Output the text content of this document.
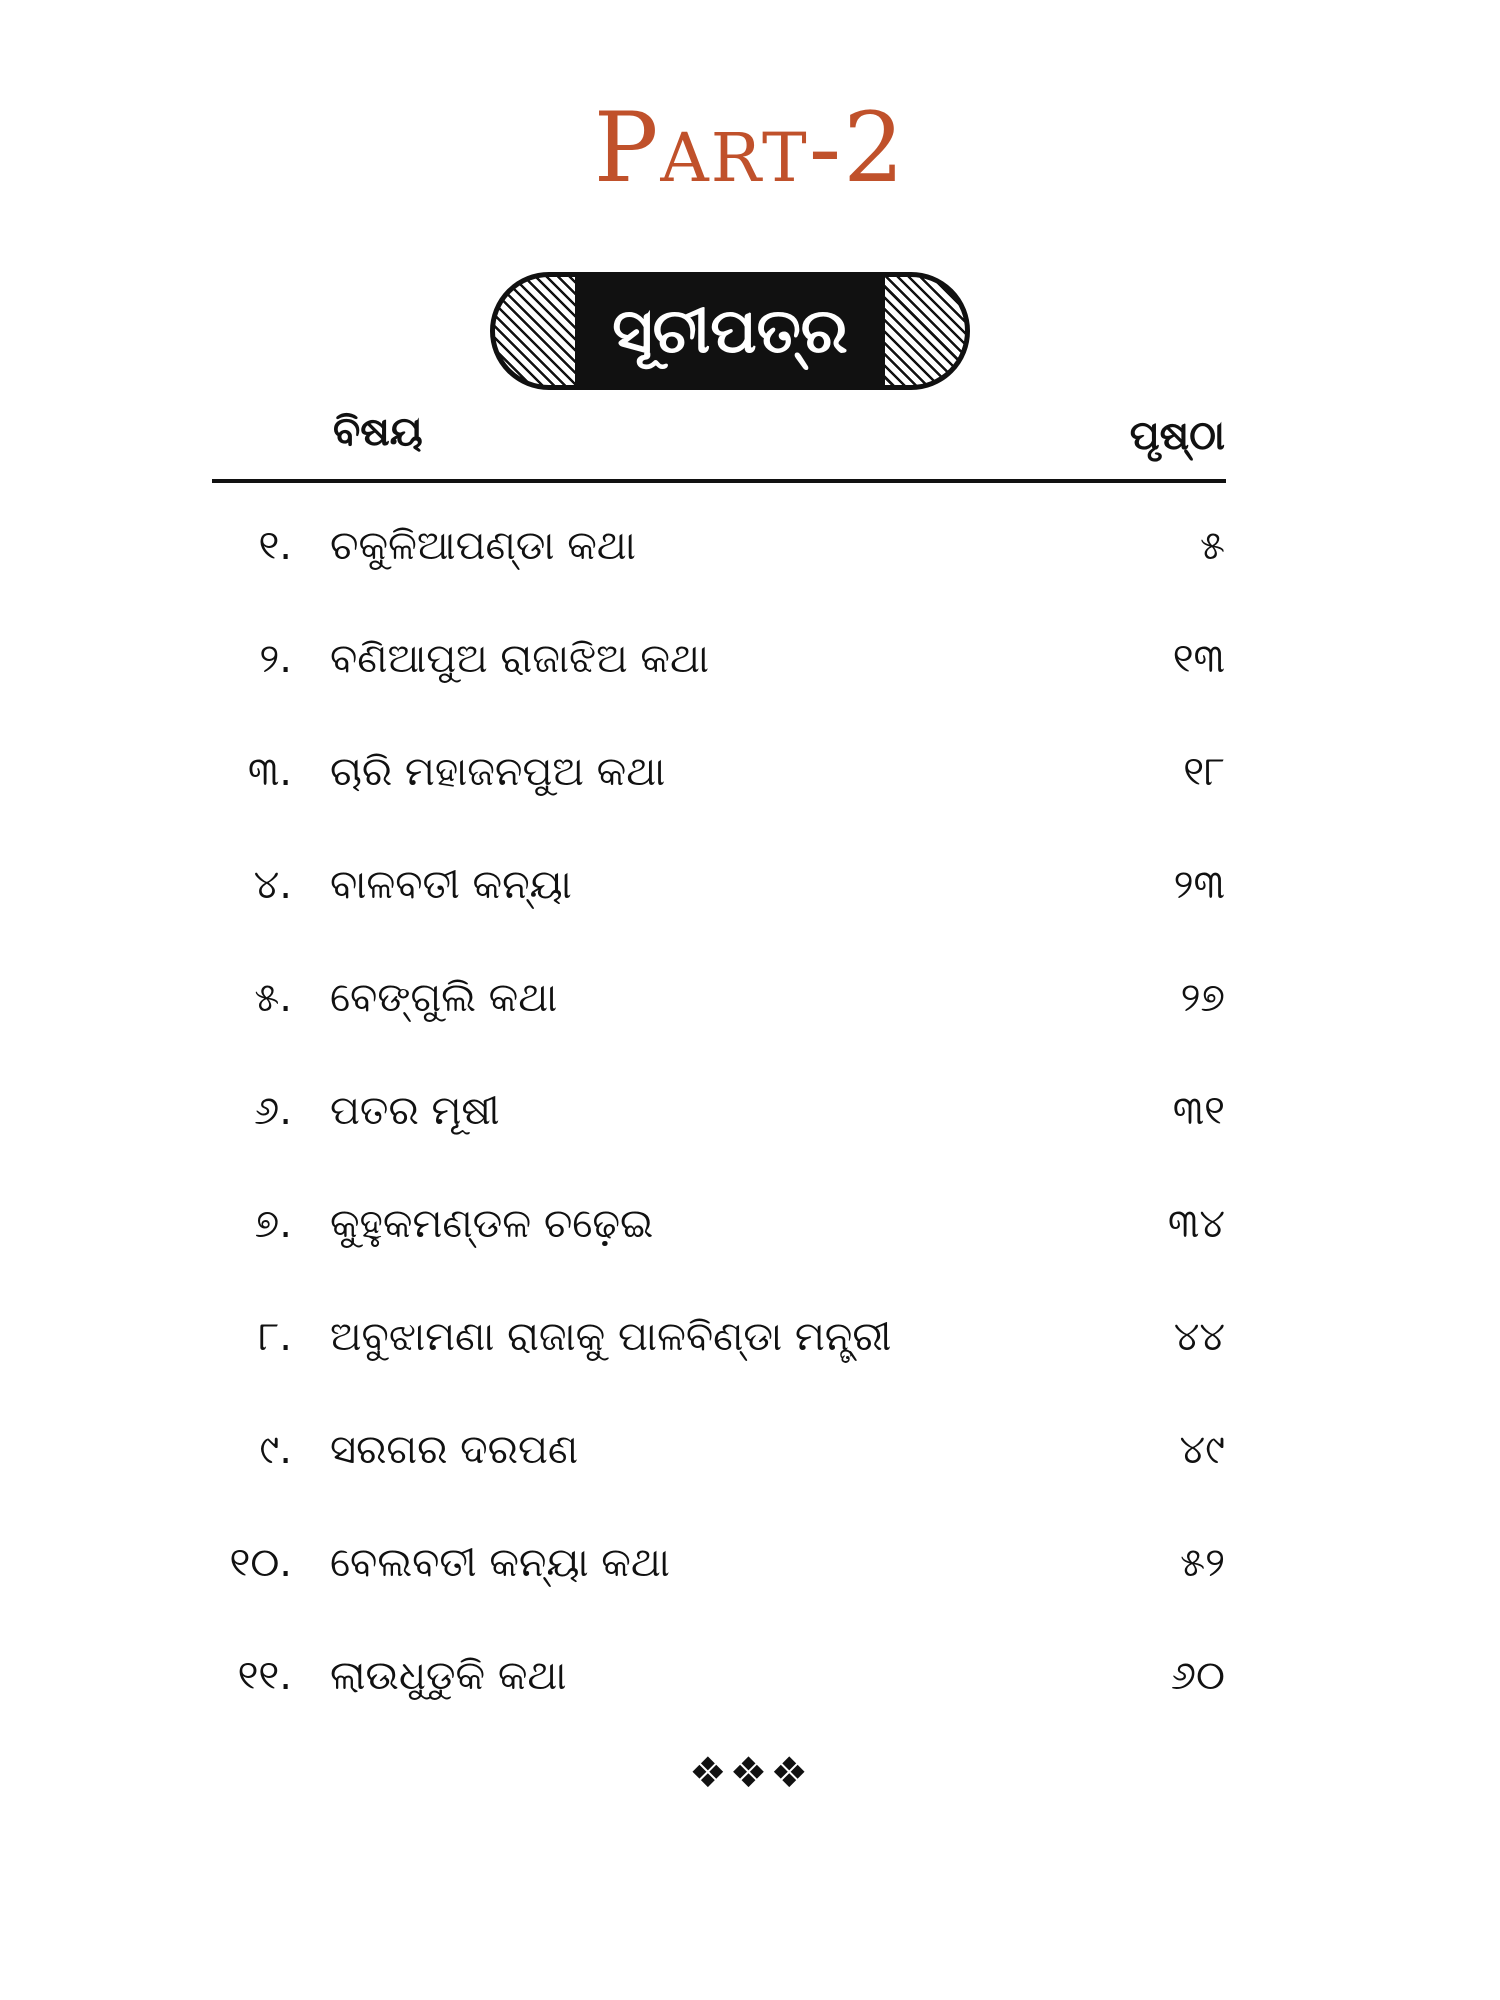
Part-2
ସୂଚୀପତ୍ର
ବିଷୟ	ପୃଷ୍ଠା
୧. ଚକୁଳିଆପଣ୍ଡା କଥା	୫
୨. ବଣିଆପୁଅ ରାଜାଝିଅ କଥା	୧୩
୩. ଚାରି ମହାଜନପୁଅ କଥା	୧୮
୪. ବାଳବତୀ କନ୍ୟା	୨୩
୫. ବେଙ୍ଗୁଲି କଥା	୨୭
୬. ପତର ମୂଷୀ	୩୧
୭. କୁହୁକମଣ୍ଡଳ ଚଢ଼େଇ	୩୪
୮. ଅବୁଝାମଣା ରାଜାକୁ ପାଳବିଣ୍ଡା ମନ୍ତ୍ରୀ	୪୪
୯. ସରଗର ଦରପଣ	୪୯
୧୦. ବେଲବତୀ କନ୍ୟା କଥା	୫୨
୧୧. ଲାଉଧୁଡୁକି କଥା	୬୦
❖❖❖
